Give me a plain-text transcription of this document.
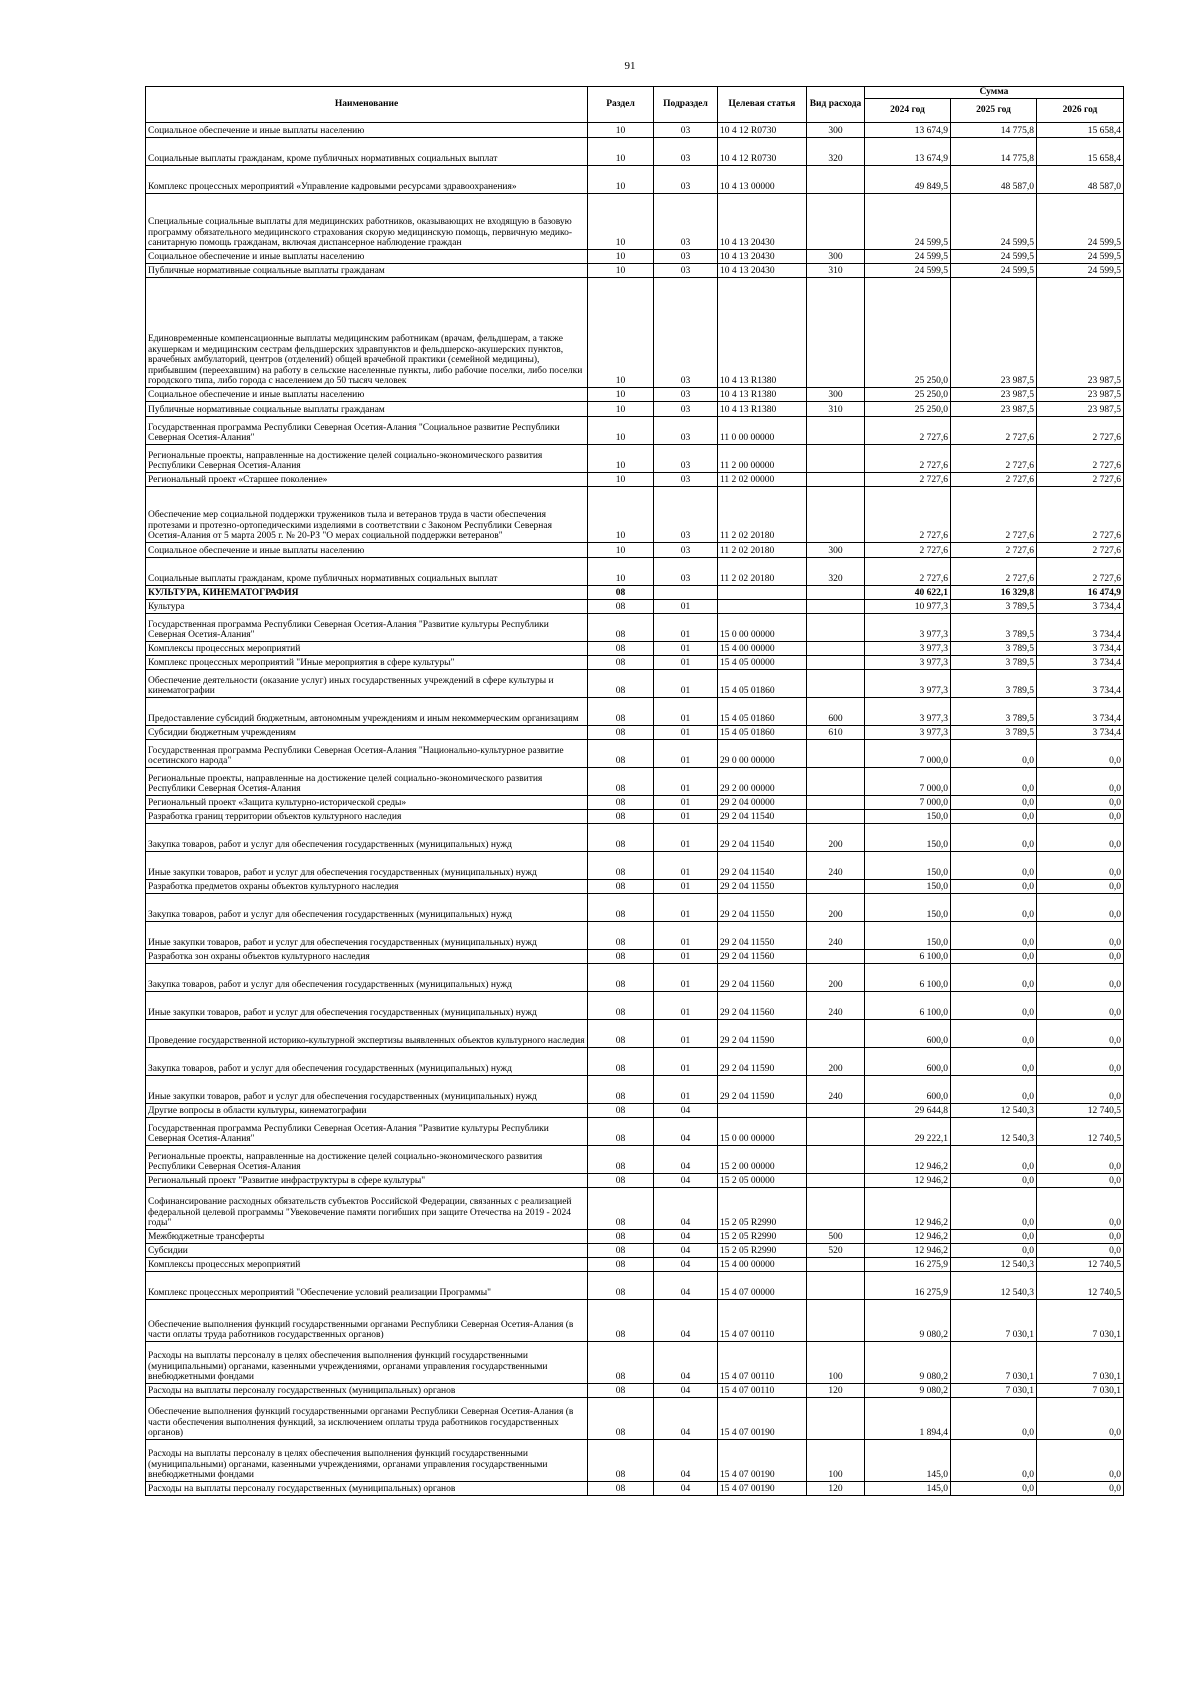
91
Наименование	Раздел	Подраздел	Целевая статья	Вид расхода	Сумма		
					2024 год	2025 год	2026 год
Социальное обеспечение и иные выплаты населению	10	03	10 4 12 R0730	300	13 674,9	14 775,8	15 658,4
Социальные выплаты гражданам, кроме публичных нормативных социальных выплат	10	03	10 4 12 R0730	320	13 674,9	14 775,8	15 658,4
Комплекс процессных мероприятий «Управление кадровыми ресурсами здравоохранения»	10	03	10 4 13 00000		49 849,5	48 587,0	48 587,0
Специальные социальные выплаты для медицинских работников, оказывающих не входящую в базовую программу обязательного медицинского страхования скорую медицинскую помощь, первичную медико-санитарную помощь гражданам, включая диспансерное наблюдение граждан	10	03	10 4 13 20430		24 599,5	24 599,5	24 599,5
Социальное обеспечение и иные выплаты населению	10	03	10 4 13 20430	300	24 599,5	24 599,5	24 599,5
Публичные нормативные социальные выплаты гражданам	10	03	10 4 13 20430	310	24 599,5	24 599,5	24 599,5
Единовременные компенсационные выплаты медицинским работникам (врачам, фельдшерам, а также акушеркам и медицинским сестрам фельдшерских здравпунктов и фельдшерско-акушерских пунктов, врачебных амбулаторий, центров (отделений) общей врачебной практики (семейной медицины), прибывшим (переехавшим) на работу в сельские населенные пункты, либо рабочие поселки, либо поселки городского типа, либо города с населением до 50 тысяч человек	10	03	10 4 13 R1380		25 250,0	23 987,5	23 987,5
Социальное обеспечение и иные выплаты населению	10	03	10 4 13 R1380	300	25 250,0	23 987,5	23 987,5
Публичные нормативные социальные выплаты гражданам	10	03	10 4 13 R1380	310	25 250,0	23 987,5	23 987,5
Государственная программа Республики Северная Осетия-Алания "Социальное развитие Республики Северная Осетия-Алания"	10	03	11 0 00 00000		2 727,6	2 727,6	2 727,6
Региональные проекты, направленные на достижение целей социально-экономического развития Республики Северная Осетия-Алания	10	03	11 2 00 00000		2 727,6	2 727,6	2 727,6
Региональный проект «Старшее поколение»	10	03	11 2 02 00000		2 727,6	2 727,6	2 727,6
Обеспечение мер социальной поддержки тружеников тыла и ветеранов труда в части обеспечения протезами и протезно-ортопедическими изделиями в соответствии с Законом Республики Северная Осетия-Алания от 5 марта 2005 г. № 20-РЗ "О мерах социальной поддержки ветеранов"	10	03	11 2 02 20180		2 727,6	2 727,6	2 727,6
Социальное обеспечение и иные выплаты населению	10	03	11 2 02 20180	300	2 727,6	2 727,6	2 727,6
Социальные выплаты гражданам, кроме публичных нормативных социальных выплат	10	03	11 2 02 20180	320	2 727,6	2 727,6	2 727,6
КУЛЬТУРА, КИНЕМАТОГРАФИЯ	08				40 622,1	16 329,8	16 474,9
Культура	08	01			10 977,3	3 789,5	3 734,4
Государственная программа Республики Северная Осетия-Алания "Развитие культуры Республики Северная Осетия-Алания"	08	01	15 0 00 00000		3 977,3	3 789,5	3 734,4
Комплексы процессных мероприятий	08	01	15 4 00 00000		3 977,3	3 789,5	3 734,4
Комплекс процессных мероприятий "Иные мероприятия в сфере культуры"	08	01	15 4 05 00000		3 977,3	3 789,5	3 734,4
Обеспечение деятельности (оказание услуг) иных государственных учреждений в сфере культуры и кинематографии	08	01	15 4 05 01860		3 977,3	3 789,5	3 734,4
Предоставление субсидий бюджетным, автономным учреждениям и иным некоммерческим организациям	08	01	15 4 05 01860	600	3 977,3	3 789,5	3 734,4
Субсидии бюджетным учреждениям	08	01	15 4 05 01860	610	3 977,3	3 789,5	3 734,4
Государственная программа Республики Северная Осетия-Алания "Национально-культурное развитие осетинского народа"	08	01	29 0 00 00000		7 000,0	0,0	0,0
Региональные проекты, направленные на достижение целей социально-экономического развития Республики Северная Осетия-Алания	08	01	29 2 00 00000		7 000,0	0,0	0,0
Региональный проект «Защита культурно-исторической среды»	08	01	29 2 04 00000		7 000,0	0,0	0,0
Разработка границ территории объектов культурного наследия	08	01	29 2 04 11540		150,0	0,0	0,0
Закупка товаров, работ и услуг для обеспечения государственных (муниципальных) нужд	08	01	29 2 04 11540	200	150,0	0,0	0,0
Иные закупки товаров, работ и услуг для обеспечения государственных (муниципальных) нужд	08	01	29 2 04 11540	240	150,0	0,0	0,0
Разработка предметов охраны объектов культурного наследия	08	01	29 2 04 11550		150,0	0,0	0,0
Закупка товаров, работ и услуг для обеспечения государственных (муниципальных) нужд	08	01	29 2 04 11550	200	150,0	0,0	0,0
Иные закупки товаров, работ и услуг для обеспечения государственных (муниципальных) нужд	08	01	29 2 04 11550	240	150,0	0,0	0,0
Разработка зон охраны объектов культурного наследия	08	01	29 2 04 11560		6 100,0	0,0	0,0
Закупка товаров, работ и услуг для обеспечения государственных (муниципальных) нужд	08	01	29 2 04 11560	200	6 100,0	0,0	0,0
Иные закупки товаров, работ и услуг для обеспечения государственных (муниципальных) нужд	08	01	29 2 04 11560	240	6 100,0	0,0	0,0
Проведение государственной историко-культурной экспертизы выявленных объектов культурного наследия	08	01	29 2 04 11590		600,0	0,0	0,0
Закупка товаров, работ и услуг для обеспечения государственных (муниципальных) нужд	08	01	29 2 04 11590	200	600,0	0,0	0,0
Иные закупки товаров, работ и услуг для обеспечения государственных (муниципальных) нужд	08	01	29 2 04 11590	240	600,0	0,0	0,0
Другие вопросы в области культуры, кинематографии	08	04			29 644,8	12 540,3	12 740,5
Государственная программа Республики Северная Осетия-Алания "Развитие культуры Республики Северная Осетия-Алания"	08	04	15 0 00 00000		29 222,1	12 540,3	12 740,5
Региональные проекты, направленные на достижение целей социально-экономического развития Республики Северная Осетия-Алания	08	04	15 2 00 00000		12 946,2	0,0	0,0
Региональный проект "Развитие инфраструктуры в сфере культуры"	08	04	15 2 05 00000		12 946,2	0,0	0,0
Софинансирование расходных обязательств субъектов Российской Федерации, связанных с реализацией федеральной целевой программы "Увековечение памяти погибших при защите Отечества на 2019 - 2024 годы"	08	04	15 2 05 R2990		12 946,2	0,0	0,0
Межбюджетные трансферты	08	04	15 2 05 R2990	500	12 946,2	0,0	0,0
Субсидии	08	04	15 2 05 R2990	520	12 946,2	0,0	0,0
Комплексы процессных мероприятий	08	04	15 4 00 00000		16 275,9	12 540,3	12 740,5
Комплекс процессных мероприятий "Обеспечение условий реализации Программы"	08	04	15 4 07 00000		16 275,9	12 540,3	12 740,5
Обеспечение выполнения функций государственными органами Республики Северная Осетия-Алания (в части оплаты труда работников государственных органов)	08	04	15 4 07 00110		9 080,2	7 030,1	7 030,1
Расходы на выплаты персоналу в целях обеспечения выполнения функций государственными (муниципальными) органами, казенными учреждениями, органами управления государственными внебюджетными фондами	08	04	15 4 07 00110	100	9 080,2	7 030,1	7 030,1
Расходы на выплаты персоналу государственных (муниципальных) органов	08	04	15 4 07 00110	120	9 080,2	7 030,1	7 030,1
Обеспечение выполнения функций государственными органами Республики Северная Осетия-Алания (в части обеспечения выполнения функций, за исключением оплаты труда работников государственных органов)	08	04	15 4 07 00190		1 894,4	0,0	0,0
Расходы на выплаты персоналу в целях обеспечения выполнения функций государственными (муниципальными) органами, казенными учреждениями, органами управления государственными внебюджетными фондами	08	04	15 4 07 00190	100	145,0	0,0	0,0
Расходы на выплаты персоналу государственных (муниципальных) органов	08	04	15 4 07 00190	120	145,0	0,0	0,0
